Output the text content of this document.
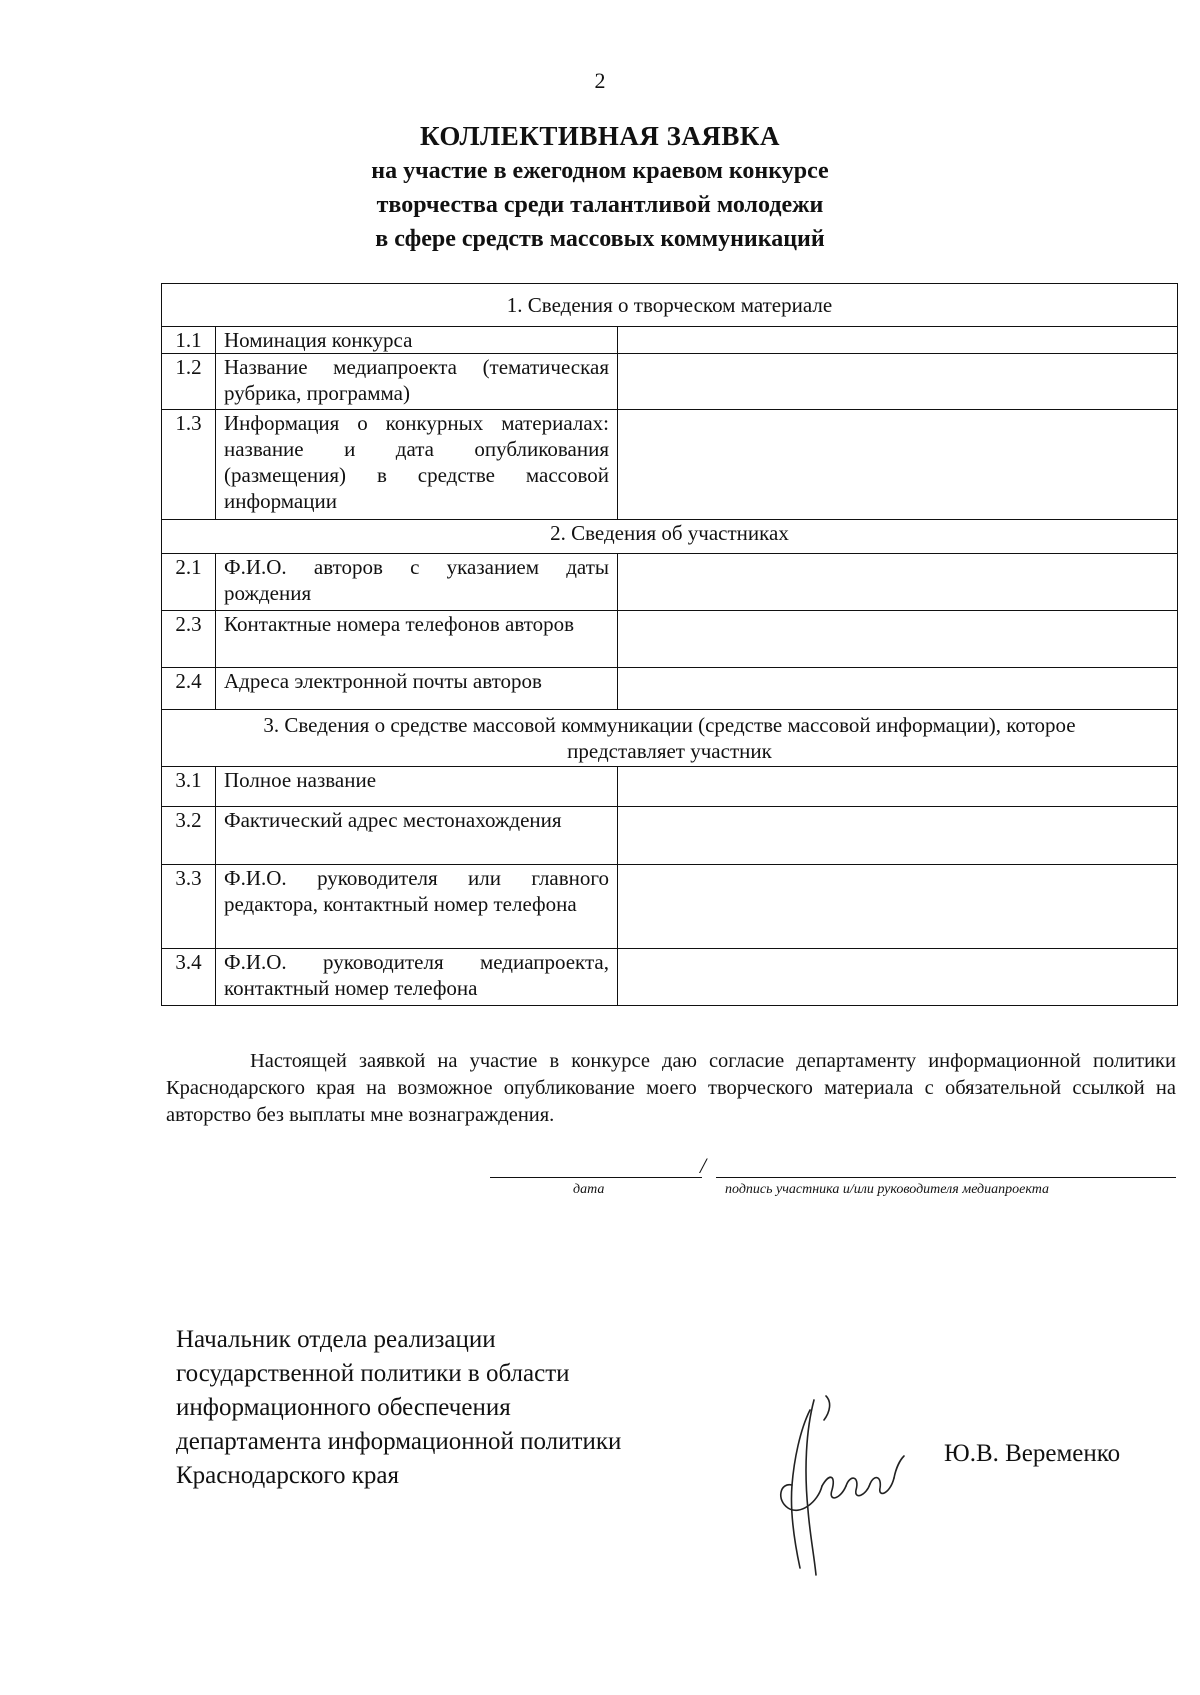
2
КОЛЛЕКТИВНАЯ ЗАЯВКА
на участие в ежегодном краевом конкурсе
творчества среди талантливой молодежи
в сфере средств массовых коммуникаций
1. Сведения о творческом материале		
1.1	Номинация конкурса	
1.2	Название медиапроекта (тематическая рубрика, программа)	
1.3	Информация о конкурных материалах: название и дата опубликования (размещения) в средстве массовой информации	
2. Сведения об участниках		
2.1	Ф.И.О. авторов с указанием даты рождения	
2.3	Контактные номера телефонов авторов	
2.4	Адреса электронной почты авторов	
3. Сведения о средстве массовой коммуникации (средстве массовой информации), которое представляет участник		
3.1	Полное название	
3.2	Фактический адрес местонахождения	
3.3	Ф.И.О. руководителя или главного редактора, контактный номер телефона	
3.4	Ф.И.О. руководителя медиапроекта, контактный номер телефона	
Настоящей заявкой на участие в конкурсе даю согласие департаменту информационной политики Краснодарского края на возможное опубликование моего творческого материала с обязательной ссылкой на авторство без выплаты мне вознаграждения.
/
дата	подпись участника и/или руководителя медиапроекта
Начальник отдела реализации
государственной политики в области
информационного обеспечения
департамента информационной политики
Краснодарского края
Ю.В. Веременко
